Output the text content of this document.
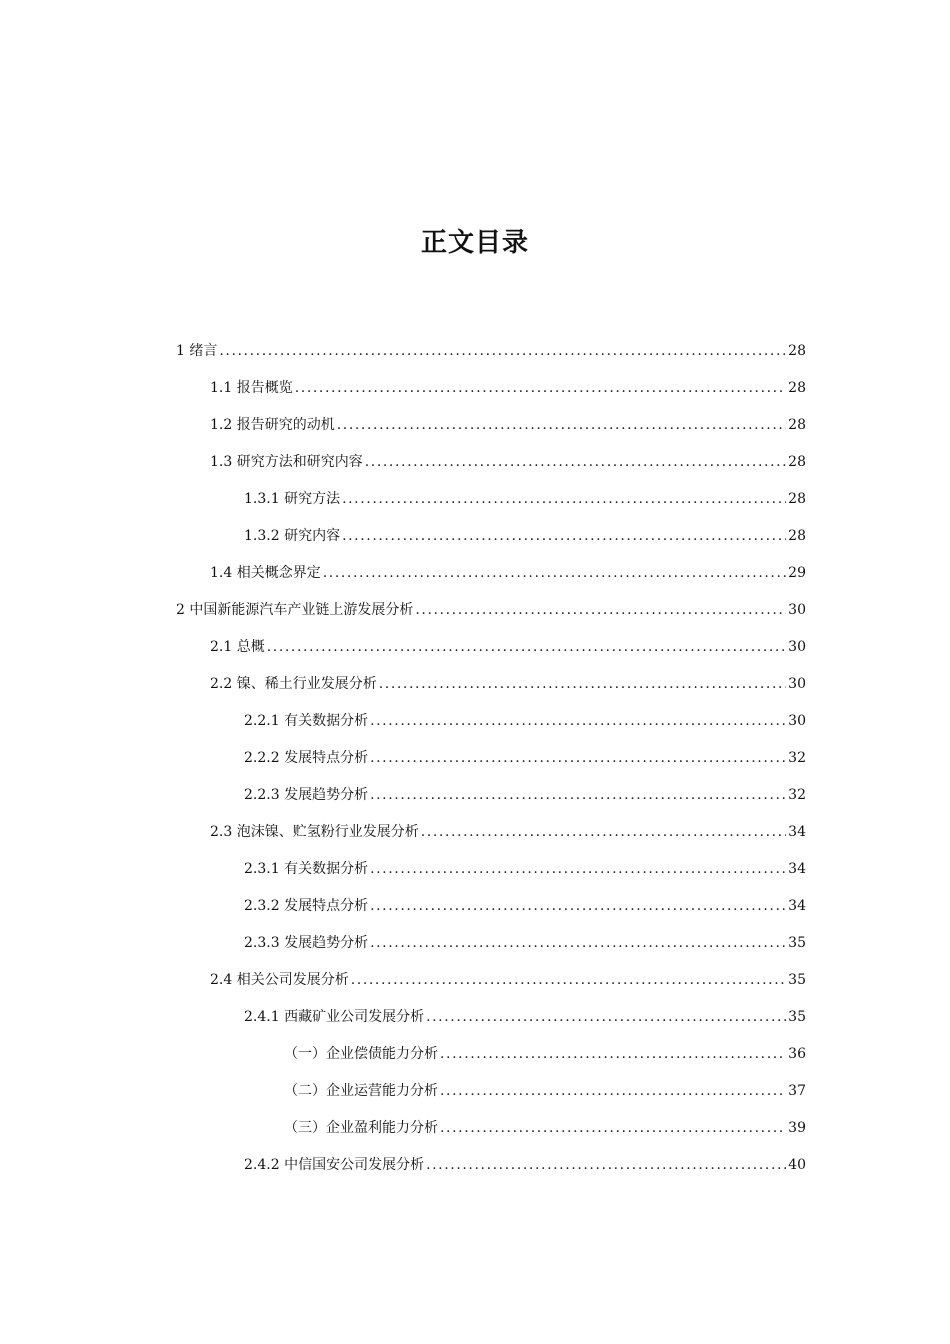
正文目录
1 绪言 .....	28
1.1 报告概览 .....	28
1.2 报告研究的动机 .....	28
1.3 研究方法和研究内容 .....	28
1.3.1 研究方法 .....	28
1.3.2 研究内容 .....	28
1.4 相关概念界定 .....	29
2 中国新能源汽车产业链上游发展分析 .....	30
2.1 总概 .....	30
2.2 镍、稀土行业发展分析 .....	30
2.2.1 有关数据分析 .....	30
2.2.2 发展特点分析 .....	32
2.2.3 发展趋势分析 .....	32
2.3 泡沫镍、贮氢粉行业发展分析 .....	34
2.3.1 有关数据分析 .....	34
2.3.2 发展特点分析 .....	34
2.3.3 发展趋势分析 .....	35
2.4 相关公司发展分析 .....	35
2.4.1 西藏矿业公司发展分析 .....	35
（一）企业偿债能力分析 .....	36
（二）企业运营能力分析 .....	37
（三）企业盈利能力分析 .....	39
2.4.2 中信国安公司发展分析 .....	40
